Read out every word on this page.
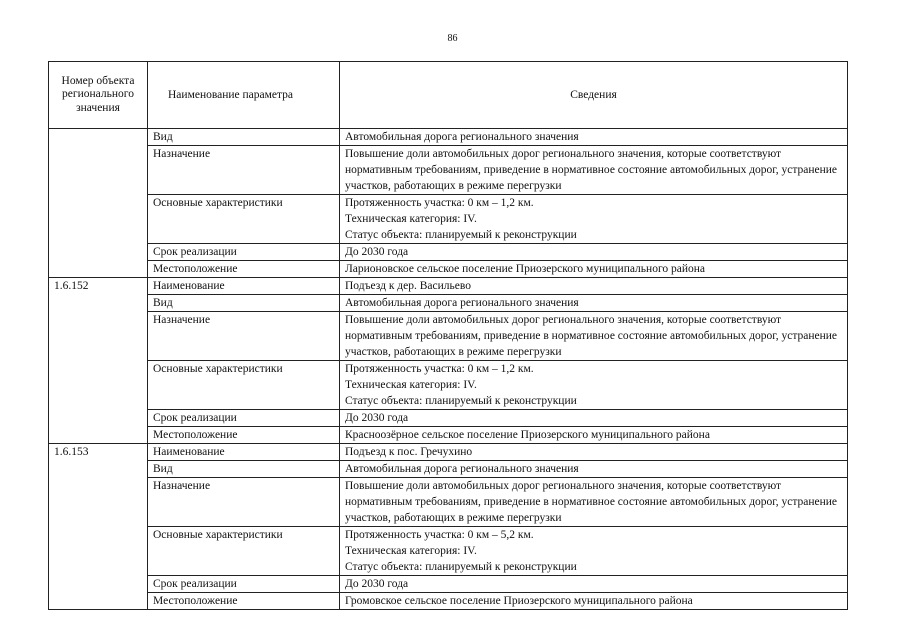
86
Номер объекта регионального значения	Наименование параметра	Сведения
	Вид	Автомобильная дорога регионального значения

	Назначение	Повышение доли автомобильных дорог регионального значения, которые соответствуют нормативным требованиям, приведение в нормативное состояние автомобильных дорог, устранение участков, работающих в режиме перегрузки

	Основные характеристики	Протяженность участка: 0 км – 1,2 км.
Техническая категория: IV.
Статус объекта: планируемый к реконструкции

	Срок реализации	До 2030 года

	Местоположение	Ларионовское сельское поселение Приозерского муниципального района

1.6.152	Наименование	Подъезд к дер. Васильево

	Вид	Автомобильная дорога регионального значения

	Назначение	Повышение доли автомобильных дорог регионального значения, которые соответствуют нормативным требованиям, приведение в нормативное состояние автомобильных дорог, устранение участков, работающих в режиме перегрузки

	Основные характеристики	Протяженность участка: 0 км – 1,2 км.
Техническая категория: IV.
Статус объекта: планируемый к реконструкции

	Срок реализации	До 2030 года

	Местоположение	Красноозёрное сельское поселение Приозерского муниципального района

1.6.153	Наименование	Подъезд к пос. Гречухино

	Вид	Автомобильная дорога регионального значения

	Назначение	Повышение доли автомобильных дорог регионального значения, которые соответствуют нормативным требованиям, приведение в нормативное состояние автомобильных дорог, устранение участков, работающих в режиме перегрузки

	Основные характеристики	Протяженность участка: 0 км – 5,2 км.
Техническая категория: IV.
Статус объекта: планируемый к реконструкции

	Срок реализации	До 2030 года

	Местоположение	Громовское сельское поселение Приозерского муниципального района
